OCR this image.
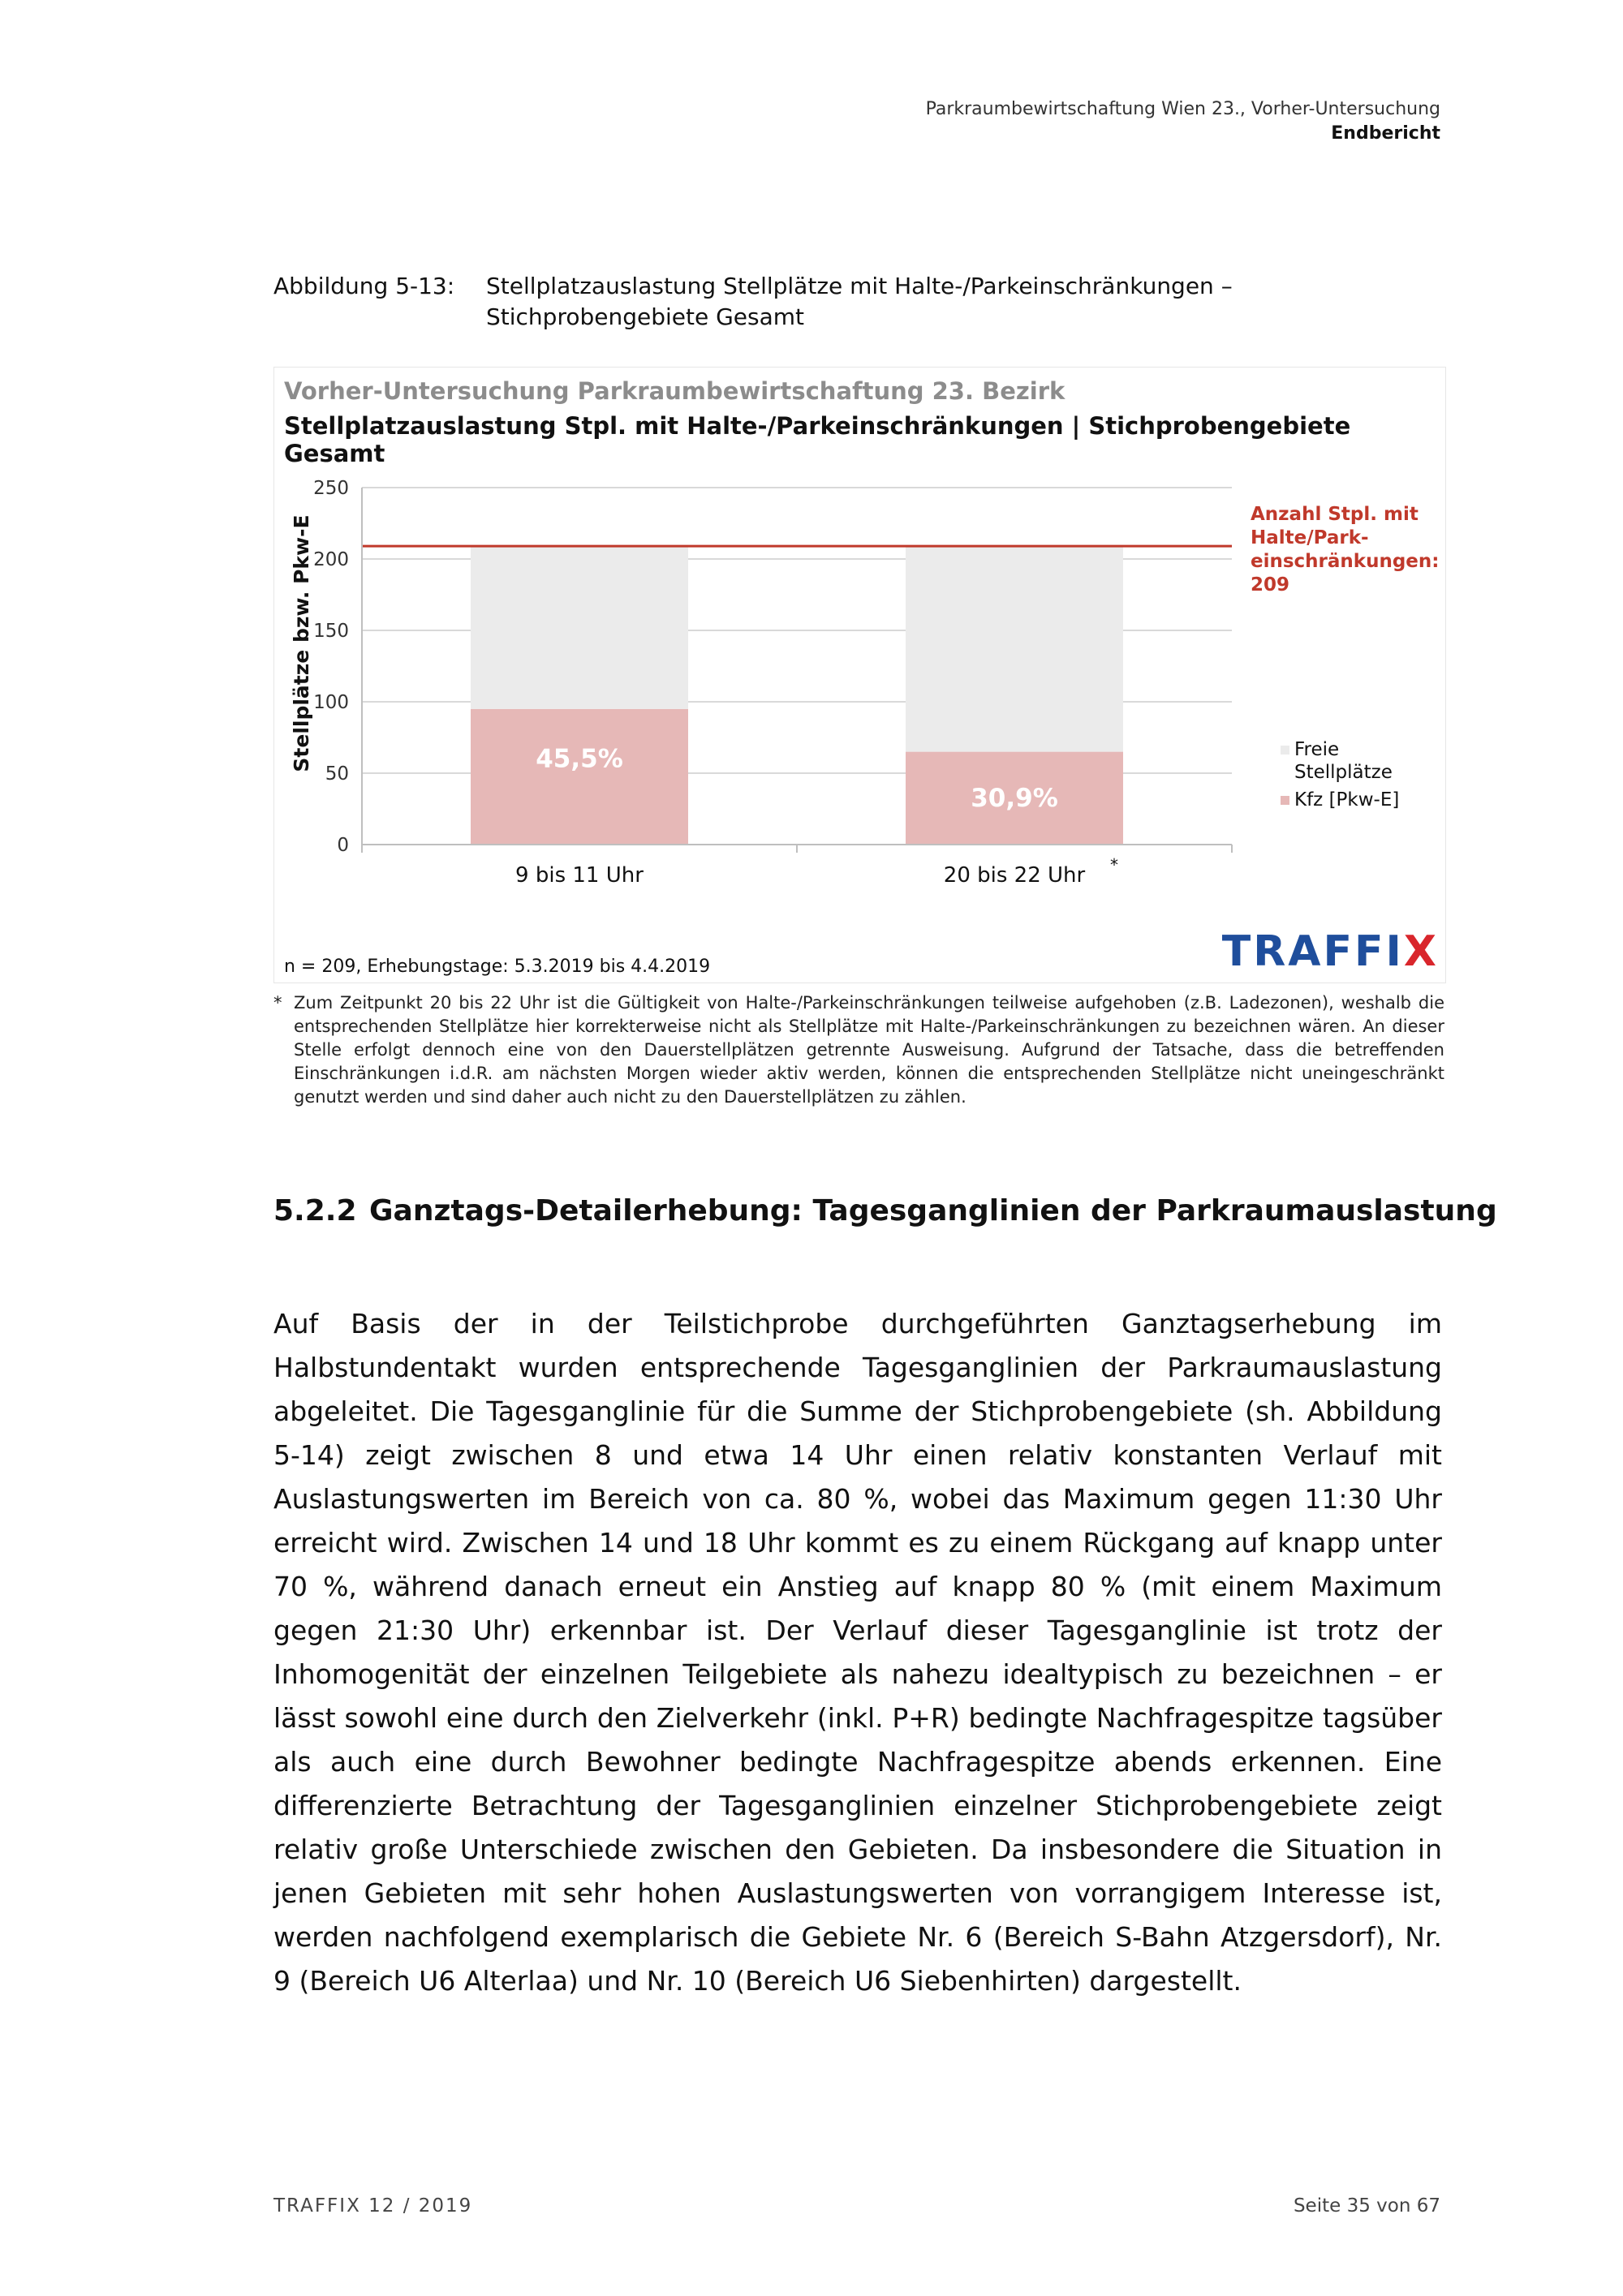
Parkraumbewirtschaftung Wien 23., Vorher-Untersuchung
Endbericht
Abbildung 5-13: Stellplatzauslastung Stellplätze mit Halte-/Parkeinschränkungen – Stichprobengebiete Gesamt
Vorher-Untersuchung Parkraumbewirtschaftung 23. Bezirk
Stellplatzauslastung Stpl. mit Halte-/Parkeinschränkungen | Stichprobengebiete Gesamt
45,5%
30,9%
0
50
100
150
200
250
9 bis 11 Uhr	20 bis 22 Uhr *
Stellplätze bzw. Pkw-E
Anzahl Stpl. mit
Halte/Park-
einschränkungen:
209
Freie
Stellplätze
Kfz [Pkw-E]
n = 209, Erhebungstage: 5.3.2019 bis 4.4.2019	TRAFFIX
* Zum Zeitpunkt 20 bis 22 Uhr ist die Gültigkeit von Halte-/Parkeinschränkungen teilweise aufgehoben (z.B. Ladezonen), weshalb die entsprechenden Stellplätze hier korrekterweise nicht als Stellplätze mit Halte-/Parkeinschränkungen zu bezeichnen wären. An dieser Stelle erfolgt dennoch eine von den Dauerstellplätzen getrennte Ausweisung. Aufgrund der Tatsache, dass die betreffenden Einschränkungen i.d.R. am nächsten Morgen wieder aktiv werden, können die entsprechenden Stellplätze nicht uneingeschränkt genutzt werden und sind daher auch nicht zu den Dauerstellplätzen zu zählen.
5.2.2 Ganztags-Detailerhebung: Tagesganglinien der Parkraumauslastung
Auf Basis der in der Teilstichprobe durchgeführten Ganztagserhebung im Halbstundentakt wurden entsprechende Tagesganglinien der Parkraumauslastung abgeleitet. Die Tagesganglinie für die Summe der Stichprobengebiete (sh. Abbildung 5-14) zeigt zwischen 8 und etwa 14 Uhr einen relativ konstanten Verlauf mit Auslastungswerten im Bereich von ca. 80 %, wobei das Maximum gegen 11:30 Uhr erreicht wird. Zwischen 14 und 18 Uhr kommt es zu einem Rückgang auf knapp unter 70 %, während danach erneut ein Anstieg auf knapp 80 % (mit einem Maximum gegen 21:30 Uhr) erkennbar ist. Der Verlauf dieser Tagesganglinie ist trotz der Inhomogenität der einzelnen Teilgebiete als nahezu idealtypisch zu bezeichnen – er lässt sowohl eine durch den Zielverkehr (inkl. P+R) bedingte Nachfragespitze tagsüber als auch eine durch Bewohner bedingte Nachfragespitze abends erkennen. Eine differenzierte Betrachtung der Tagesganglinien einzelner Stichprobengebiete zeigt relativ große Unterschiede zwischen den Gebieten. Da insbesondere die Situation in jenen Gebieten mit sehr hohen Auslastungswerten von vorrangigem Interesse ist, werden nachfolgend exemplarisch die Gebiete Nr. 6 (Bereich S-Bahn Atzgersdorf), Nr. 9 (Bereich U6 Alterlaa) und Nr. 10 (Bereich U6 Siebenhirten) dargestellt.
TRAFFIX 12 / 2019	Seite 35 von 67
